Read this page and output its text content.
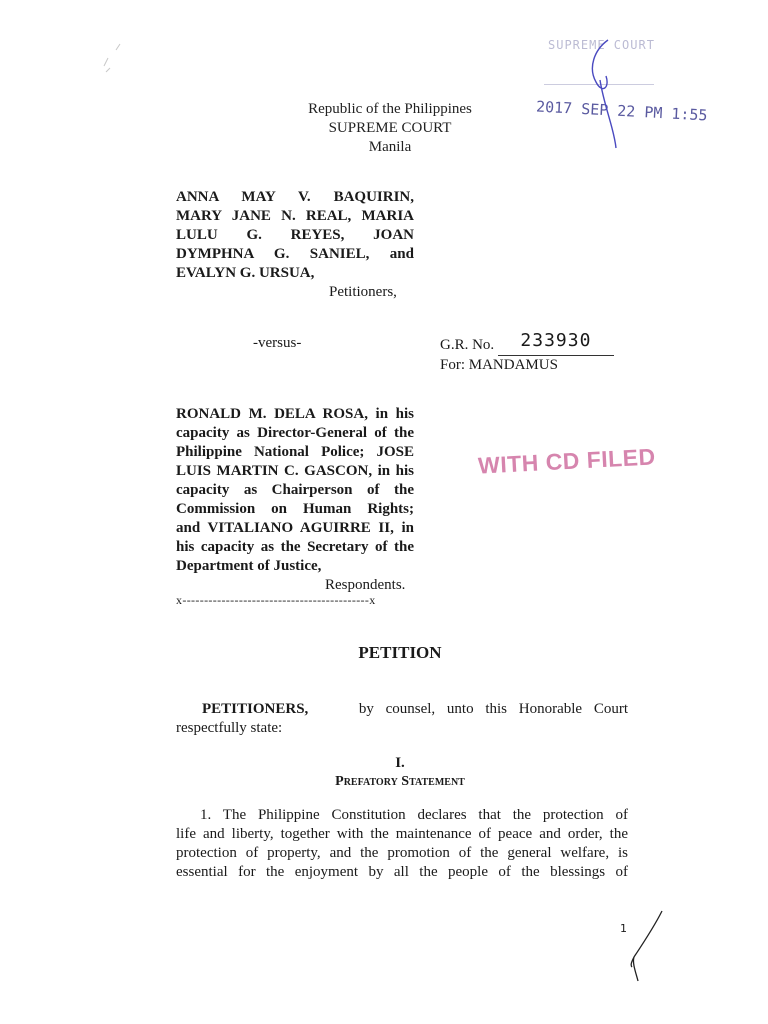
Republic of the Philippines
SUPREME COURT
Manila
SUPREME COURT
2017 SEP 22 PM 1:55
ANNA MAY V. BAQUIRIN,
MARY JANE N. REAL, MARIA
LULU G. REYES, JOAN
DYMPHNA G. SANIEL, and
EVALYN G. URSUA,
Petitioners,
-versus-	G.R. No. 233930
For: MANDAMUS
RONALD M. DELA ROSA, in his
capacity as Director-General of the
Philippine National Police; JOSE
LUIS MARTIN C. GASCON, in his
capacity as Chairperson of the
Commission on Human Rights;
and VITALIANO AGUIRRE II, in
his capacity as the Secretary of the
Department of Justice,
Respondents.
WITH CD FILED
x-------------------------------------------x
PETITION
PETITIONERS,	by counsel, unto this Honorable Court
respectfully state:
I.
Prefatory Statement
1. The Philippine Constitution declares that the protection of
life and liberty, together with the maintenance of peace and order, the
protection of property, and the promotion of the general welfare, is
essential for the enjoyment by all the people of the blessings of
1
